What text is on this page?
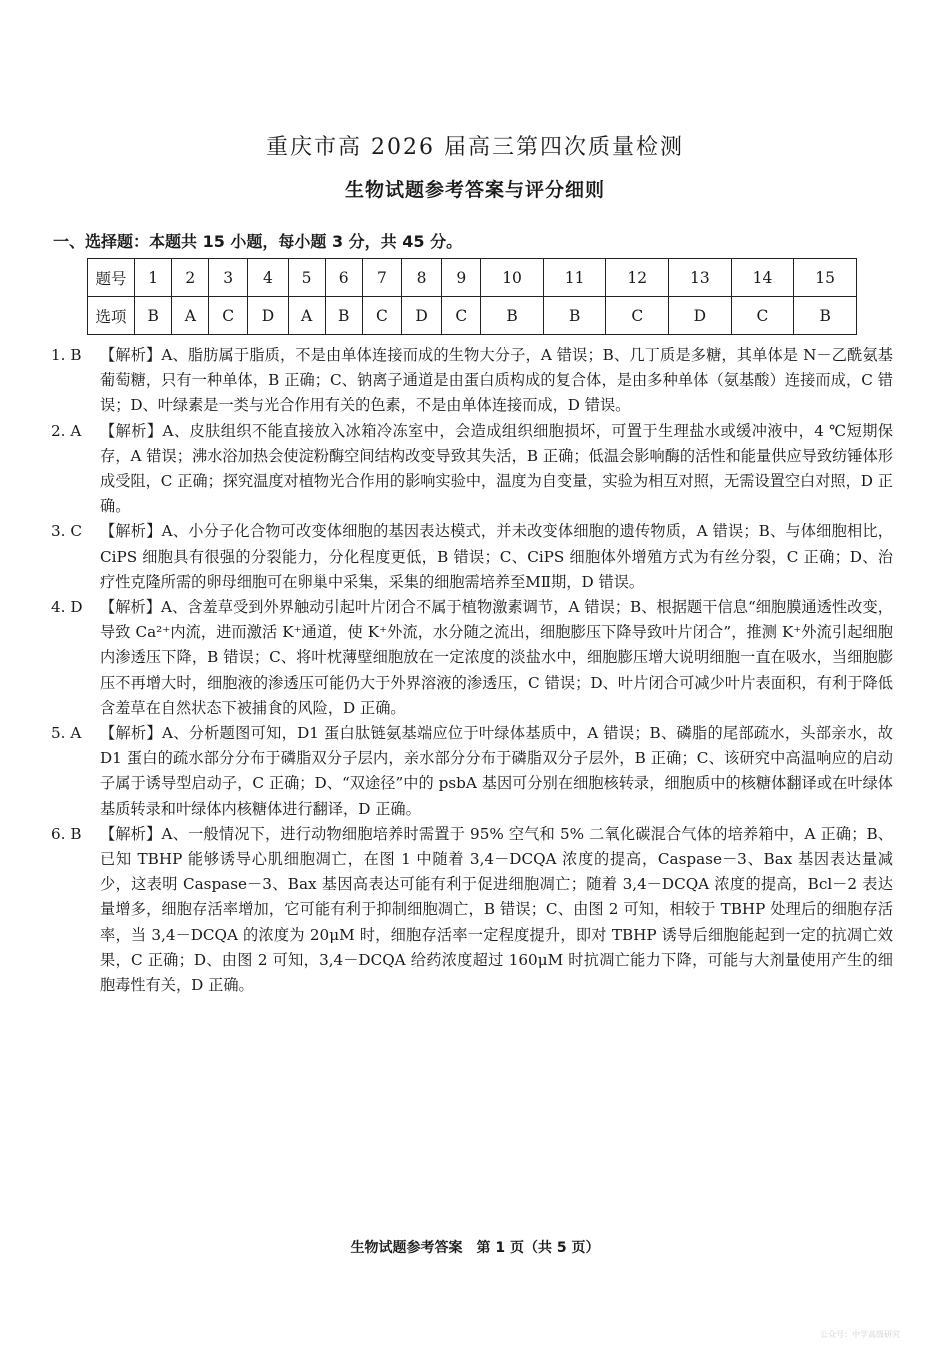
重庆市高 2026 届高三第四次质量检测
生物试题参考答案与评分细则
一、选择题：本题共 15 小题，每小题 3 分，共 45 分。
题号	1	2	3	4	5	6	7	8	9	10	11	12	13	14	15
选项	B	A	C	D	A	B	C	D	C	B	B	C	D	C	B
1. B	【解析】A、脂肪属于脂质，不是由单体连接而成的生物大分子，A 错误；B、几丁质是多糖，其单体是 N－乙酰氨基葡萄糖，只有一种单体，B 正确；C、钠离子通道是由蛋白质构成的复合体，是由多种单体（氨基酸）连接而成，C 错误；D、叶绿素是一类与光合作用有关的色素，不是由单体连接而成，D 错误。
2. A	【解析】A、皮肤组织不能直接放入冰箱冷冻室中，会造成组织细胞损坏，可置于生理盐水或缓冲液中，4 ℃短期保存，A 错误；沸水浴加热会使淀粉酶空间结构改变导致其失活，B 正确；低温会影响酶的活性和能量供应导致纺锤体形成受阻，C 正确；探究温度对植物光合作用的影响实验中，温度为自变量，实验为相互对照，无需设置空白对照，D 正确。
3. C	【解析】A、小分子化合物可改变体细胞的基因表达模式，并未改变体细胞的遗传物质，A 错误；B、与体细胞相比，CiPS 细胞具有很强的分裂能力，分化程度更低，B 错误；C、CiPS 细胞体外增殖方式为有丝分裂，C 正确；D、治疗性克隆所需的卵母细胞可在卵巢中采集，采集的细胞需培养至MⅡ期，D 错误。
4. D	【解析】A、含羞草受到外界触动引起叶片闭合不属于植物激素调节，A 错误；B、根据题干信息“细胞膜通透性改变，导致 Ca²⁺内流，进而激活 K⁺通道，使 K⁺外流，水分随之流出，细胞膨压下降导致叶片闭合”，推测 K⁺外流引起细胞内渗透压下降，B 错误；C、将叶枕薄壁细胞放在一定浓度的淡盐水中，细胞膨压增大说明细胞一直在吸水，当细胞膨压不再增大时，细胞液的渗透压可能仍大于外界溶液的渗透压，C 错误；D、叶片闭合可减少叶片表面积，有利于降低含羞草在自然状态下被捕食的风险，D 正确。
5. A	【解析】A、分析题图可知，D1 蛋白肽链氨基端应位于叶绿体基质中，A 错误；B、磷脂的尾部疏水，头部亲水，故 D1 蛋白的疏水部分分布于磷脂双分子层内，亲水部分分布于磷脂双分子层外，B 正确；C、该研究中高温响应的启动子属于诱导型启动子，C 正确；D、“双途径”中的 psbA 基因可分别在细胞核转录，细胞质中的核糖体翻译或在叶绿体基质转录和叶绿体内核糖体进行翻译，D 正确。
6. B	【解析】A、一般情况下，进行动物细胞培养时需置于 95% 空气和 5% 二氧化碳混合气体的培养箱中，A 正确；B、已知 TBHP 能够诱导心肌细胞凋亡，在图 1 中随着 3,4－DCQA 浓度的提高，Caspase－3、Bax 基因表达量减少，这表明 Caspase－3、Bax 基因高表达可能有利于促进细胞凋亡；随着 3,4－DCQA 浓度的提高，Bcl－2 表达量增多，细胞存活率增加，它可能有利于抑制细胞凋亡，B 错误；C、由图 2 可知，相较于 TBHP 处理后的细胞存活率，当 3,4－DCQA 的浓度为 20μM 时，细胞存活率一定程度提升，即对 TBHP 诱导后细胞能起到一定的抗凋亡效果，C 正确；D、由图 2 可知，3,4－DCQA 给药浓度超过 160μM 时抗凋亡能力下降，可能与大剂量使用产生的细胞毒性有关，D 正确。
生物试题参考答案　第 1 页（共 5 页）
公众号：中学高级研究
